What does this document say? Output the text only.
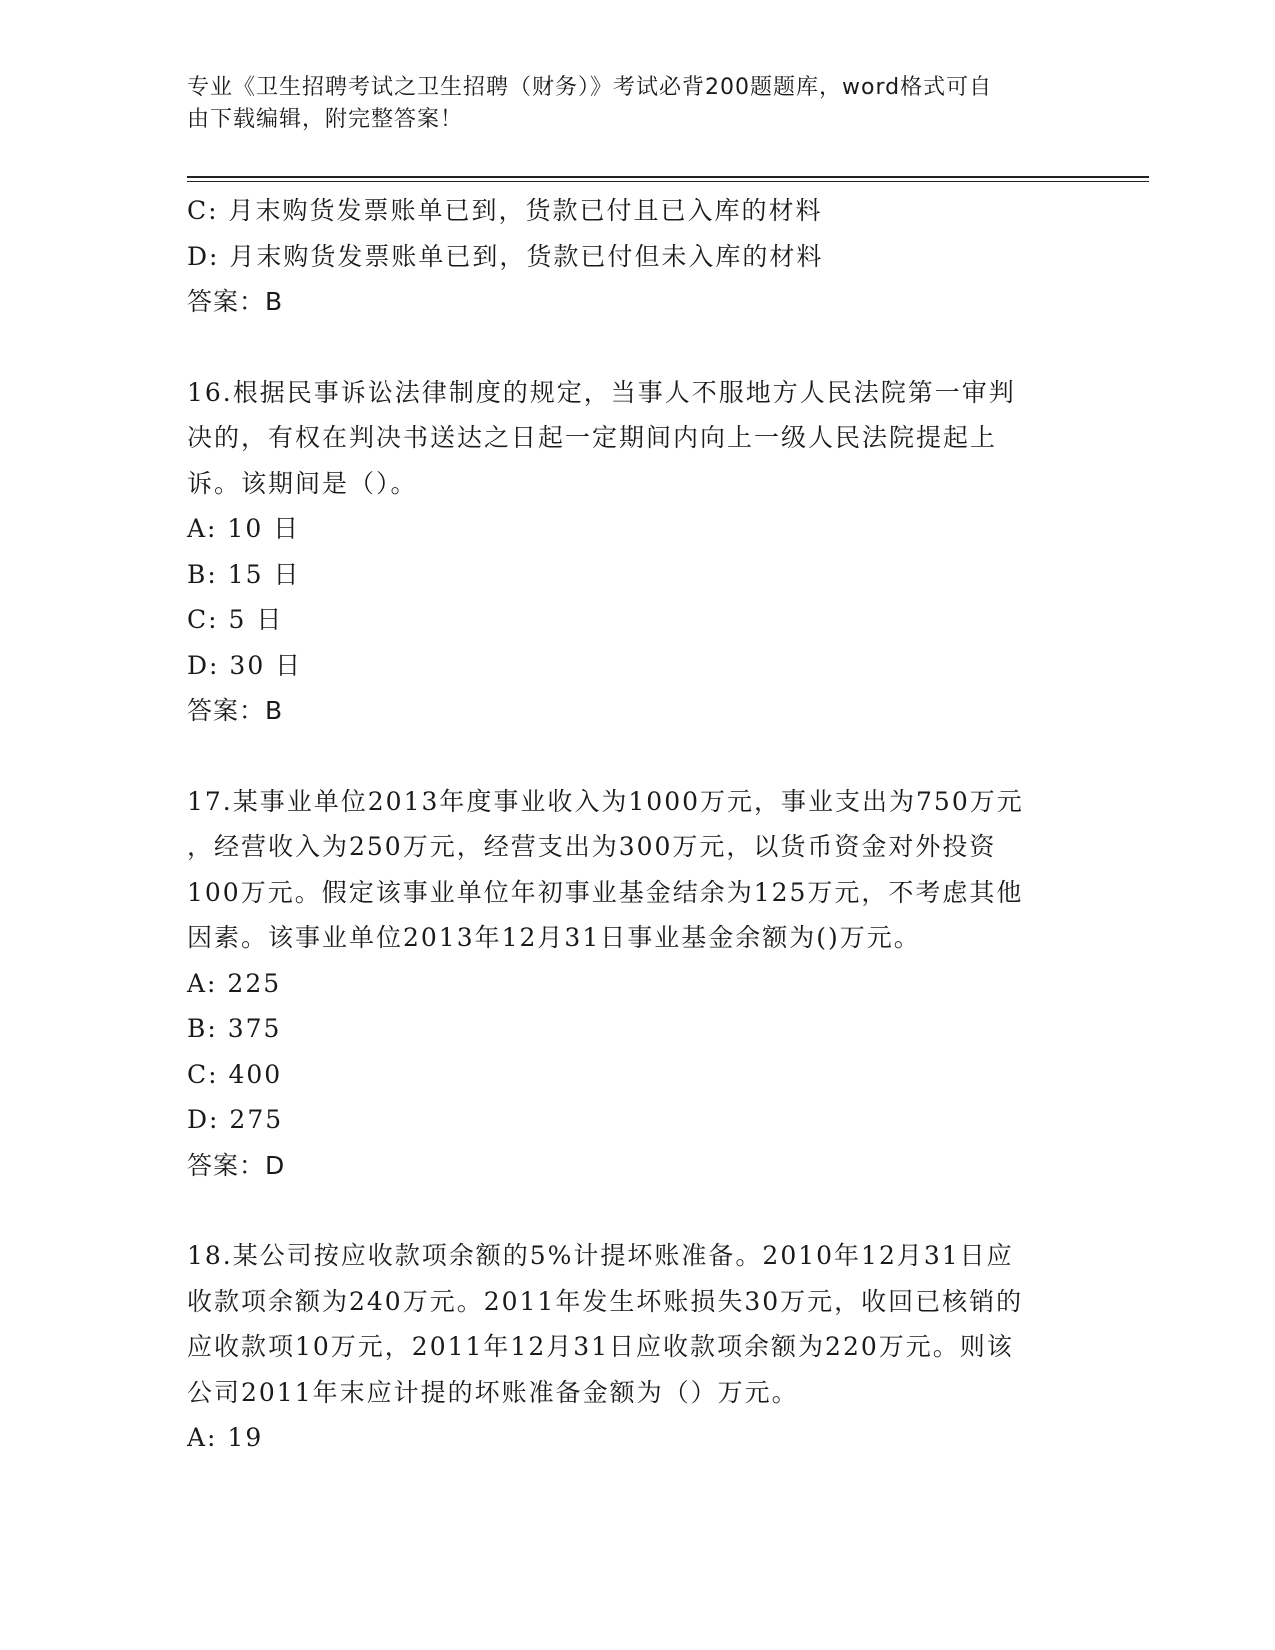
专业《卫生招聘考试之卫生招聘（财务）》考试必背200题题库，word格式可自
由下载编辑，附完整答案！
C: 月末购货发票账单已到，货款已付且已入库的材料
D: 月末购货发票账单已到，货款已付但未入库的材料
答案：B
16.根据民事诉讼法律制度的规定，当事人不服地方人民法院第一审判
决的，有权在判决书送达之日起一定期间内向上一级人民法院提起上
诉。该期间是（）。
A: 10 日
B: 15 日
C: 5 日
D: 30 日
答案：B
17.某事业单位2013年度事业收入为1000万元，事业支出为750万元
，经营收入为250万元，经营支出为300万元，以货币资金对外投资
100万元。假定该事业单位年初事业基金结余为125万元，不考虑其他
因素。该事业单位2013年12月31日事业基金余额为()万元。
A: 225
B: 375
C: 400
D: 275
答案：D
18.某公司按应收款项余额的5%计提坏账准备。2010年12月31日应
收款项余额为240万元。2011年发生坏账损失30万元，收回已核销的
应收款项10万元，2011年12月31日应收款项余额为220万元。则该
公司2011年末应计提的坏账准备金额为（）万元。
A: 19
